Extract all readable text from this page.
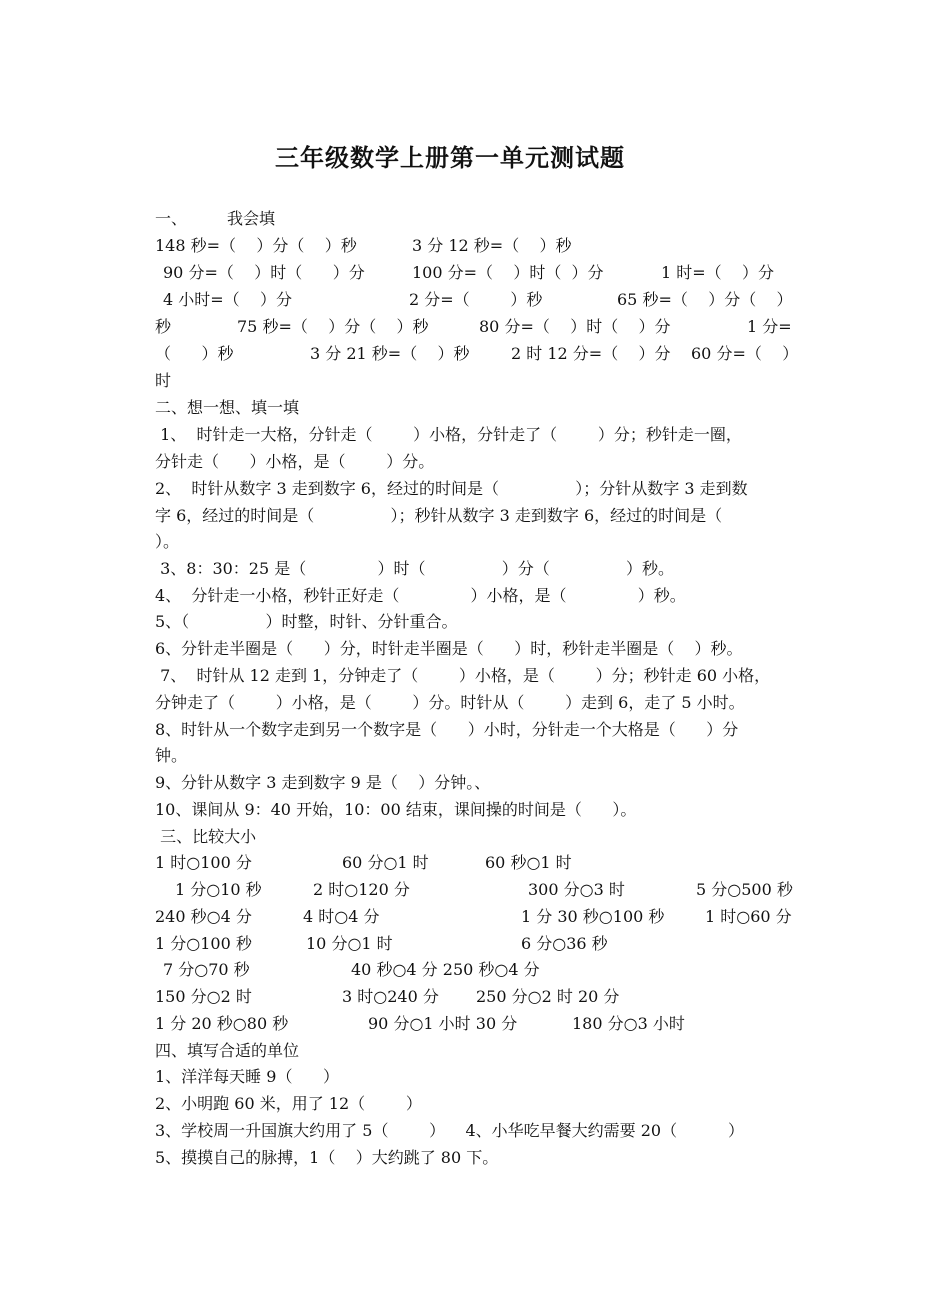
三年级数学上册第一单元测试题
一、 我会填
148 秒=（    ）分（    ）秒	3 分 12 秒=（    ）秒
90 分=（    ）时（      ）分	100 分=（    ）时（  ）分	1 时=（    ）分
4 小时=（    ）分	2 分=（        ）秒	65 秒=（    ）分（    ）
秒	75 秒=（    ）分（    ）秒	80 分=（    ）时（    ）分	1 分=
（      ）秒	3 分 21 秒=（    ）秒	2 时 12 分=（    ）分 60 分=（    ）
时
二、想一想、填一填
1、  时针走一大格，分针走（        ）小格，分针走了（        ）分；秒针走一圈，
分针走（      ）小格，是（        ）分。
2、  时针从数字 3 走到数字 6，经过的时间是（               ）；分针从数字 3 走到数
字 6，经过的时间是（               ）；秒针从数字 3 走到数字 6，经过的时间是（
）。
3、8：30：25 是（              ）时（               ）分（               ）秒。
4、  分针走一小格，秒针正好走（              ）小格，是（              ）秒。
5、（               ）时整，时针、分针重合。
6、分针走半圈是（      ）分，时针走半圈是（      ）时，秒针走半圈是（    ）秒。
7、  时针从 12 走到 1，分钟走了（        ）小格，是（        ）分；秒针走 60 小格，
分钟走了（        ）小格，是（        ）分。时针从（        ）走到 6，走了 5 小时。
8、时针从一个数字走到另一个数字是（      ）小时，分针走一个大格是（      ）分
钟。
9、分针从数字 3 走到数字 9 是（    ）分钟。、
10、课间从 9：40 开始，10：00 结束，课间操的时间是（      ）。
三、比较大小
1 时○100 分	60 分○1 时	60 秒○1 时
1 分○10 秒	2 时○120 分	300 分○3 时	5 分○500 秒
240 秒○4 分	4 时○4 分	1 分 30 秒○100 秒	1 时○60 分
1 分○100 秒	10 分○1 时	6 分○36 秒
7 分○70 秒	40 秒○4 分 250 秒○4 分
150 分○2 时	3 时○240 分 250 分○2 时 20 分
1 分 20 秒○80 秒	90 分○1 小时 30 分	180 分○3 小时
四、填写合适的单位
1、洋洋每天睡 9（      ）
2、小明跑 60 米，用了 12（        ）
3、学校周一升国旗大约用了 5（        ）    4、小华吃早餐大约需要 20（          ）
5、摸摸自己的脉搏，1（    ）大约跳了 80 下。
